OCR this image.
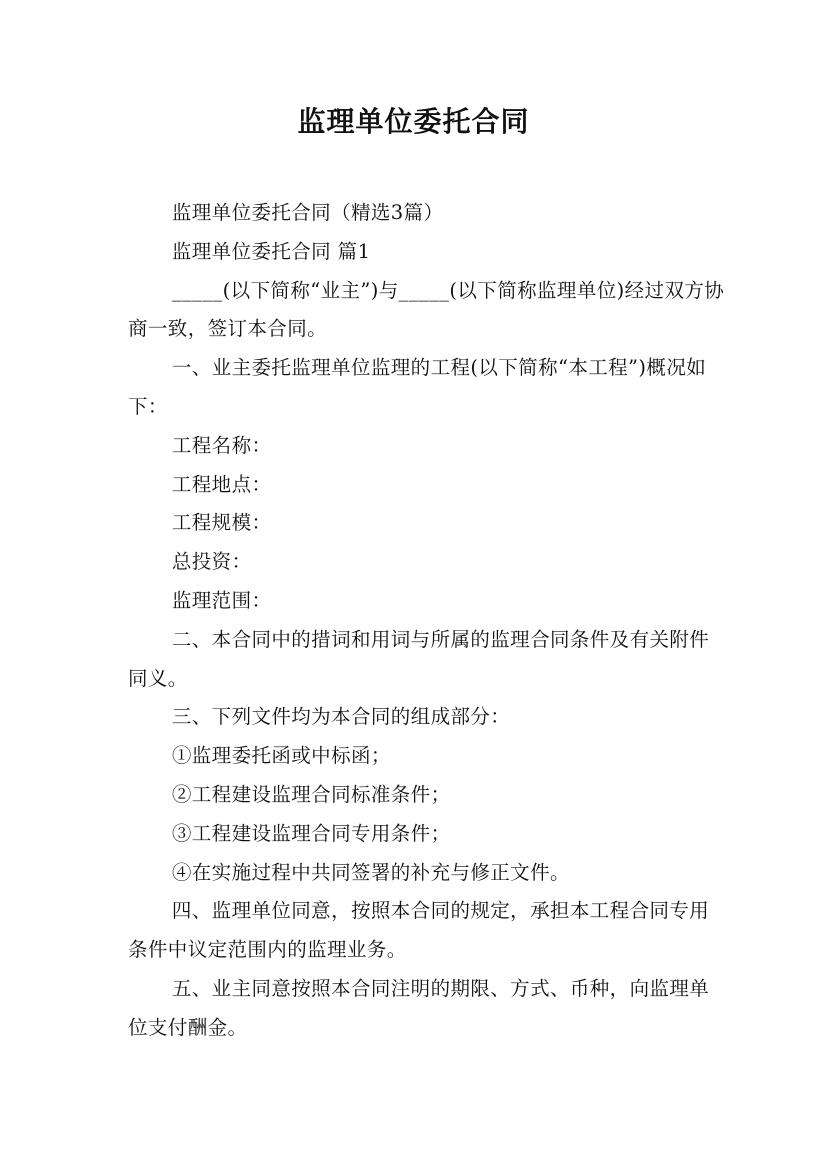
监理单位委托合同

监理单位委托合同（精选3篇）

监理单位委托合同 篇1

_____(以下简称“业主”)与_____(以下简称监理单位)经过双方协商一致，签订本合同。

一、业主委托监理单位监理的工程(以下简称“本工程”)概况如下：

工程名称：

工程地点：

工程规模：

总投资：

监理范围：

二、本合同中的措词和用词与所属的监理合同条件及有关附件同义。

三、下列文件均为本合同的组成部分：

①监理委托函或中标函；

②工程建设监理合同标准条件；

③工程建设监理合同专用条件；

④在实施过程中共同签署的补充与修正文件。

四、监理单位同意，按照本合同的规定，承担本工程合同专用条件中议定范围内的监理业务。

五、业主同意按照本合同注明的期限、方式、币种，向监理单位支付酬金。
